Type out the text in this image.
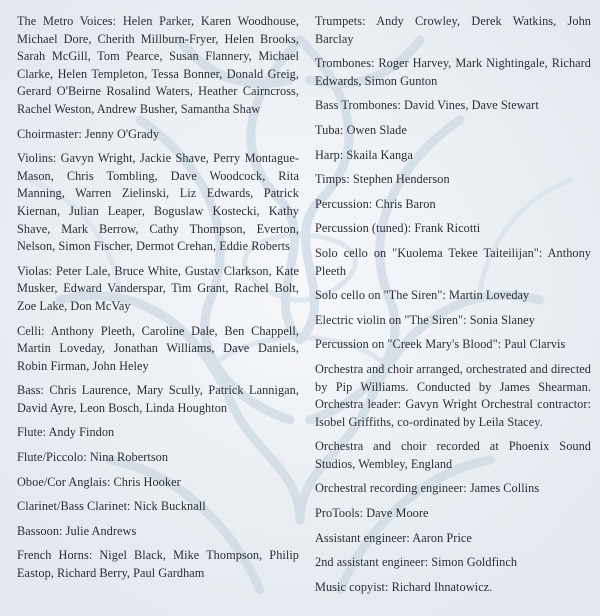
The Metro Voices: Helen Parker, Karen Woodhouse, Michael Dore, Cherith Millburn-Fryer, Helen Brooks, Sarah McGill, Tom Pearce, Susan Flannery, Michael Clarke, Helen Templeton, Tessa Bonner, Donald Greig, Gerard O'Beirne Rosalind Waters, Heather Cairncross, Rachel Weston, Andrew Busher, Samantha Shaw

Choirmaster: Jenny O'Grady

Violins: Gavyn Wright, Jackie Shave, Perry Montague-Mason, Chris Tombling, Dave Woodcock, Rita Manning, Warren Zielinski, Liz Edwards, Patrick Kiernan, Julian Leaper, Boguslaw Kostecki, Kathy Shave, Mark Berrow, Cathy Thompson, Everton, Nelson, Simon Fischer, Dermot Crehan, Eddie Roberts

Violas: Peter Lale, Bruce White, Gustav Clarkson, Kate Musker, Edward Vanderspar, Tim Grant, Rachel Bolt, Zoe Lake, Don McVay

Celli: Anthony Pleeth, Caroline Dale, Ben Chappell, Martin Loveday, Jonathan Williams, Dave Daniels, Robin Firman, John Heley

Bass: Chris Laurence, Mary Scully, Patrick Lannigan, David Ayre, Leon Bosch, Linda Houghton

Flute: Andy Findon

Flute/Piccolo: Nina Robertson

Oboe/Cor Anglais: Chris Hooker

Clarinet/Bass Clarinet: Nick Bucknall

Bassoon: Julie Andrews

French Horns: Nigel Black, Mike Thompson, Philip Eastop, Richard Berry, Paul Gardham

Trumpets: Andy Crowley, Derek Watkins, John Barclay

Trombones: Roger Harvey, Mark Nightingale, Richard Edwards, Simon Gunton

Bass Trombones: David Vines, Dave Stewart

Tuba: Owen Slade

Harp: Skaila Kanga

Timps: Stephen Henderson

Percussion: Chris Baron

Percussion (tuned): Frank Ricotti

Solo cello on "Kuolema Tekee Taiteilijan": Anthony Pleeth

Solo cello on "The Siren": Martin Loveday

Electric violin on "The Siren": Sonia Slaney

Percussion on "Creek Mary's Blood": Paul Clarvis

Orchestra and choir arranged, orchestrated and directed by Pip Williams. Conducted by James Shearman. Orchestra leader: Gavyn Wright Orchestral contractor: Isobel Griffiths, co-ordinated by Leila Stacey.

Orchestra and choir recorded at Phoenix Sound Studios, Wembley, England

Orchestral recording engineer: James Collins

ProTools: Dave Moore

Assistant engineer: Aaron Price

2nd assistant engineer: Simon Goldfinch

Music copyist: Richard Ihnatowicz.
